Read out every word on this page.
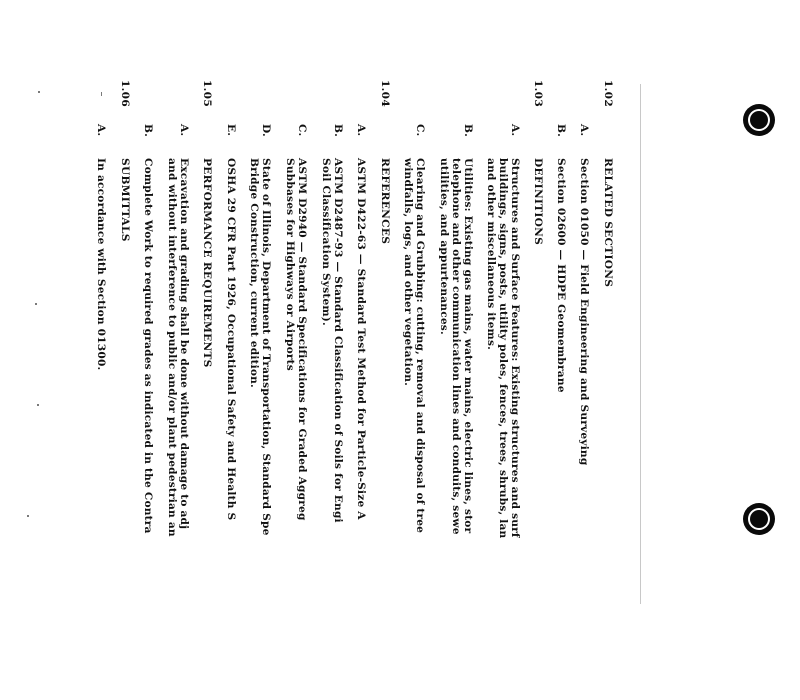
1.02
RELATED SECTIONS
A.
Section 01050 — Field Engineering and Surveying
B.
Section 02600 — HDPE Geomembrane
1.03
DEFINITIONS
A.
Structures and Surface Features: Existing structures and surf
buildings, signs, posts, utility poles, fences, trees, shrubs, lan
and other miscellaneous items.
B.
Utilities: Existing gas mains, water mains, electric lines, stor
telephone and other communication lines and conduits, sewe
utilities, and appurtenances.
C.
Clearing and Grubbing: cutting, removal and disposal of tree
windfalls, logs, and other vegetation.
1.04
REFERENCES
A.
ASTM D422-63 — Standard Test Method for Particle-Size A
B.
ASTM D2487-93 — Standard Classification of Soils for Engi
Soil Classification System).
C.
ASTM D2940 — Standard Specifications for Graded Aggreg
Subbases for Highways or Airports
D.
State of Illinois, Department of Transportation, Standard Spe
Bridge Construction, current edition.
E.
OSHA 29 CFR Part 1926, Occupational Safety and Health S
1.05
PERFORMANCE REQUIREMENTS
A.
Excavation and grading shall be done without damage to adj
and without interference to public and/or plant pedestrian an
B.
Complete Work to required grades as indicated in the Contra
1.06
SUBMITTALS
A.
In accordance with Section 01300.
